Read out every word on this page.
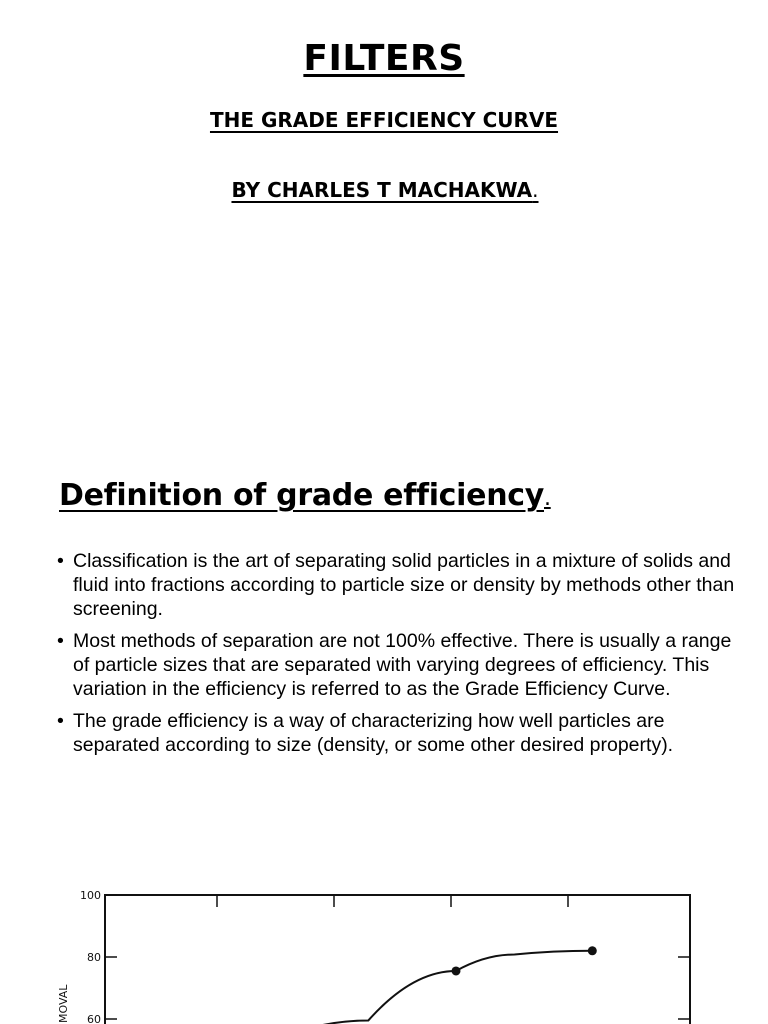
FILTERS
THE GRADE EFFICIENCY CURVE
BY CHARLES T MACHAKWA.
Definition of grade efficiency.
• Classification is the art of separating solid particles in a mixture of solids and fluid into fractions according to particle size or density by methods other than screening.
• Most methods of separation are not 100% effective. There is usually a range of particle sizes that are separated with varying degrees of efficiency. This variation in the efficiency is referred to as the Grade Efficiency Curve.
• The grade efficiency is a way of characterizing how well particles are separated according to size (density, or some other desired property).
MOVAL
100
80
60
